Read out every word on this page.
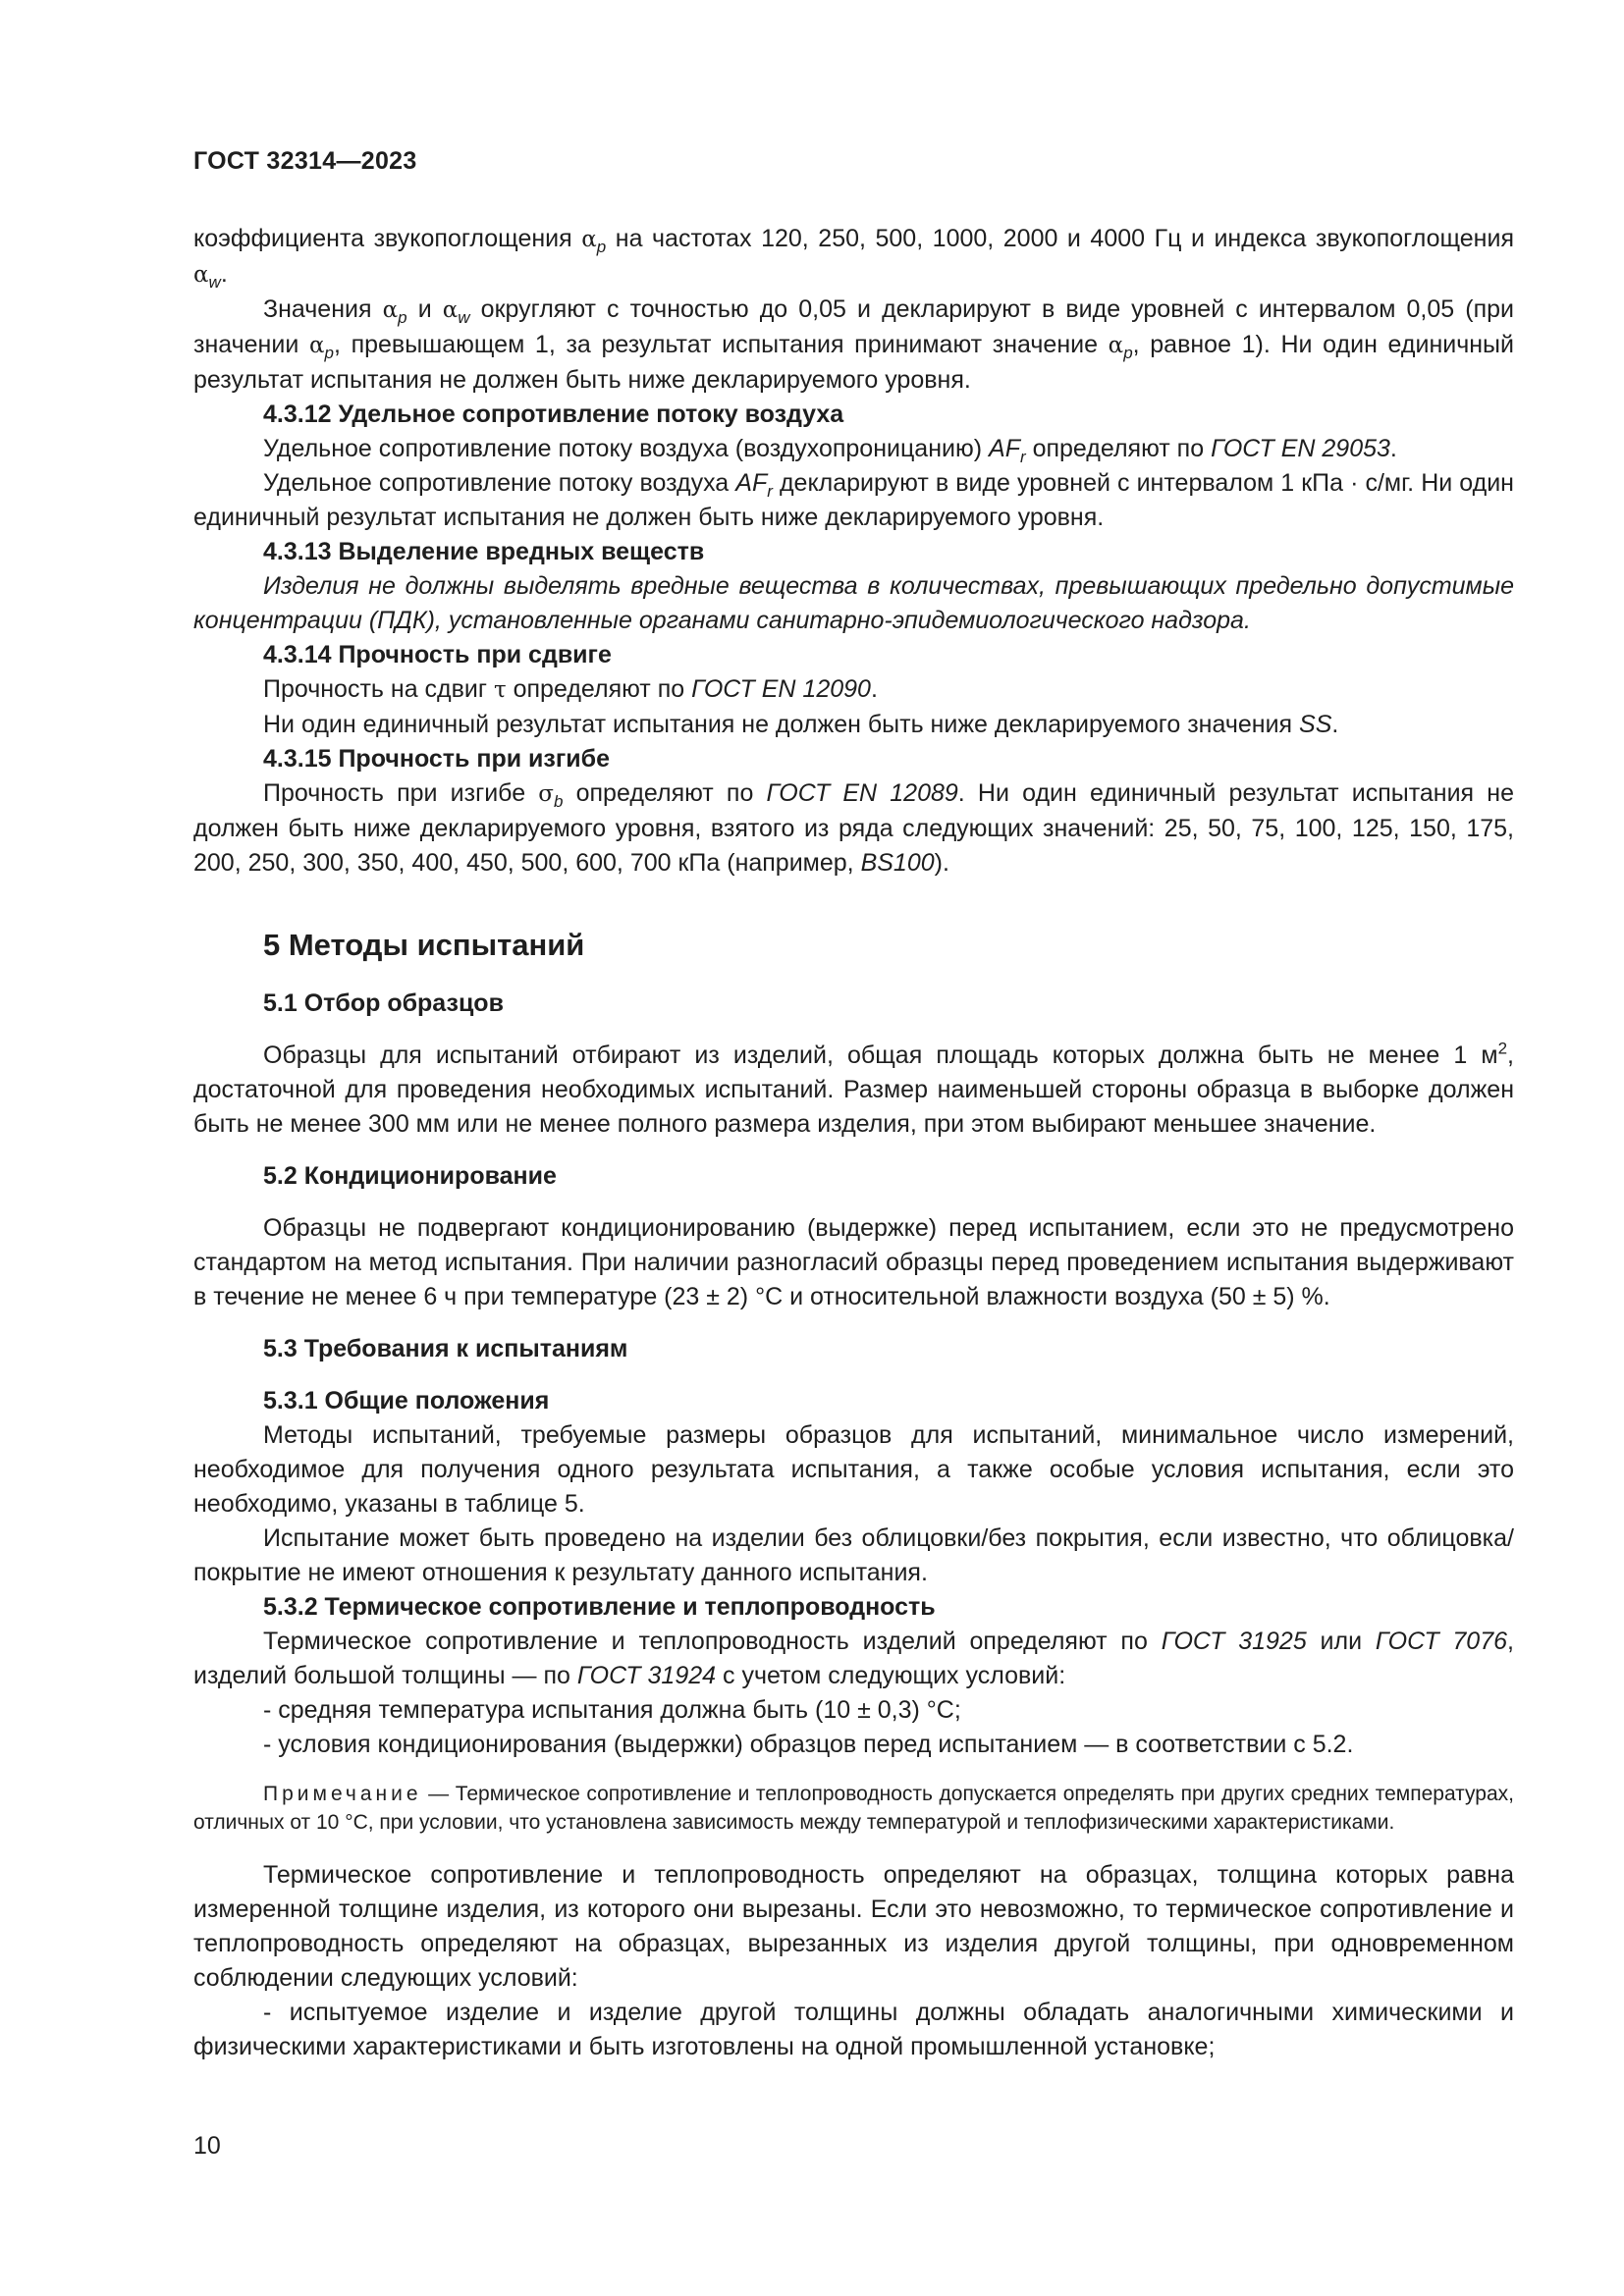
ГОСТ 32314—2023

коэффициента звукопоглощения $\alpha_p$ на частотах 120, 250, 500, 1000, 2000 и 4000 Гц и индекса звукопоглощения $\alpha_w$.

Значения $\alpha_p$ и $\alpha_w$ округляют с точностью до 0,05 и декларируют в виде уровней с интервалом 0,05 (при значении $\alpha_p$, превышающем 1, за результат испытания принимают значение $\alpha_p$, равное 1). Ни один единичный результат испытания не должен быть ниже декларируемого уровня.

4.3.12 Удельное сопротивление потоку воздуха

Удельное сопротивление потоку воздуха (воздухопроницанию) $AF_r$ определяют по ГОСТ EN 29053.

Удельное сопротивление потоку воздуха $AF_r$ декларируют в виде уровней с интервалом 1 кПа · с/мг. Ни один единичный результат испытания не должен быть ниже декларируемого уровня.

4.3.13 Выделение вредных веществ

Изделия не должны выделять вредные вещества в количествах, превышающих предельно допустимые концентрации (ПДК), установленные органами санитарно-эпидемиологического надзора.

4.3.14 Прочность при сдвиге

Прочность на сдвиг τ определяют по ГОСТ EN 12090.

Ни один единичный результат испытания не должен быть ниже декларируемого значения SS.

4.3.15 Прочность при изгибе

Прочность при изгибе $\sigma_b$ определяют по ГОСТ EN 12089. Ни один единичный результат испытания не должен быть ниже декларируемого уровня, взятого из ряда следующих значений: 25, 50, 75, 100, 125, 150, 175, 200, 250, 300, 350, 400, 450, 500, 600, 700 кПа (например, BS100).

5 Методы испытаний
5.1 Отбор образцов

Образцы для испытаний отбирают из изделий, общая площадь которых должна быть не менее 1 $м^2$, достаточной для проведения необходимых испытаний. Размер наименьшей стороны образца в выборке должен быть не менее 300 мм или не менее полного размера изделия, при этом выбирают меньшее значение.

5.2 Кондиционирование

Образцы не подвергают кондиционированию (выдержке) перед испытанием, если это не предусмотрено стандартом на метод испытания. При наличии разногласий образцы перед проведением испытания выдерживают в течение не менее 6 ч при температуре (23 ± 2) °С и относительной влажности воздуха (50 ± 5) %.

5.3 Требования к испытаниям

5.3.1 Общие положения

Методы испытаний, требуемые размеры образцов для испытаний, минимальное число измерений, необходимое для получения одного результата испытания, а также особые условия испытания, если это необходимо, указаны в таблице 5.

Испытание может быть проведено на изделии без облицовки/без покрытия, если известно, что облицовка/покрытие не имеют отношения к результату данного испытания.

5.3.2 Термическое сопротивление и теплопроводность

Термическое сопротивление и теплопроводность изделий определяют по ГОСТ 31925 или ГОСТ 7076, изделий большой толщины — по ГОСТ 31924 с учетом следующих условий:

- средняя температура испытания должна быть (10 ± 0,3) °С;

- условия кондиционирования (выдержки) образцов перед испытанием — в соответствии с 5.2.

Примечание — Термическое сопротивление и теплопроводность допускается определять при других средних температурах, отличных от 10 °С, при условии, что установлена зависимость между температурой и теплофизическими характеристиками.

Термическое сопротивление и теплопроводность определяют на образцах, толщина которых равна измеренной толщине изделия, из которого они вырезаны. Если это невозможно, то термическое сопротивление и теплопроводность определяют на образцах, вырезанных из изделия другой толщины, при одновременном соблюдении следующих условий:

- испытуемое изделие и изделие другой толщины должны обладать аналогичными химическими и физическими характеристиками и быть изготовлены на одной промышленной установке;

10
